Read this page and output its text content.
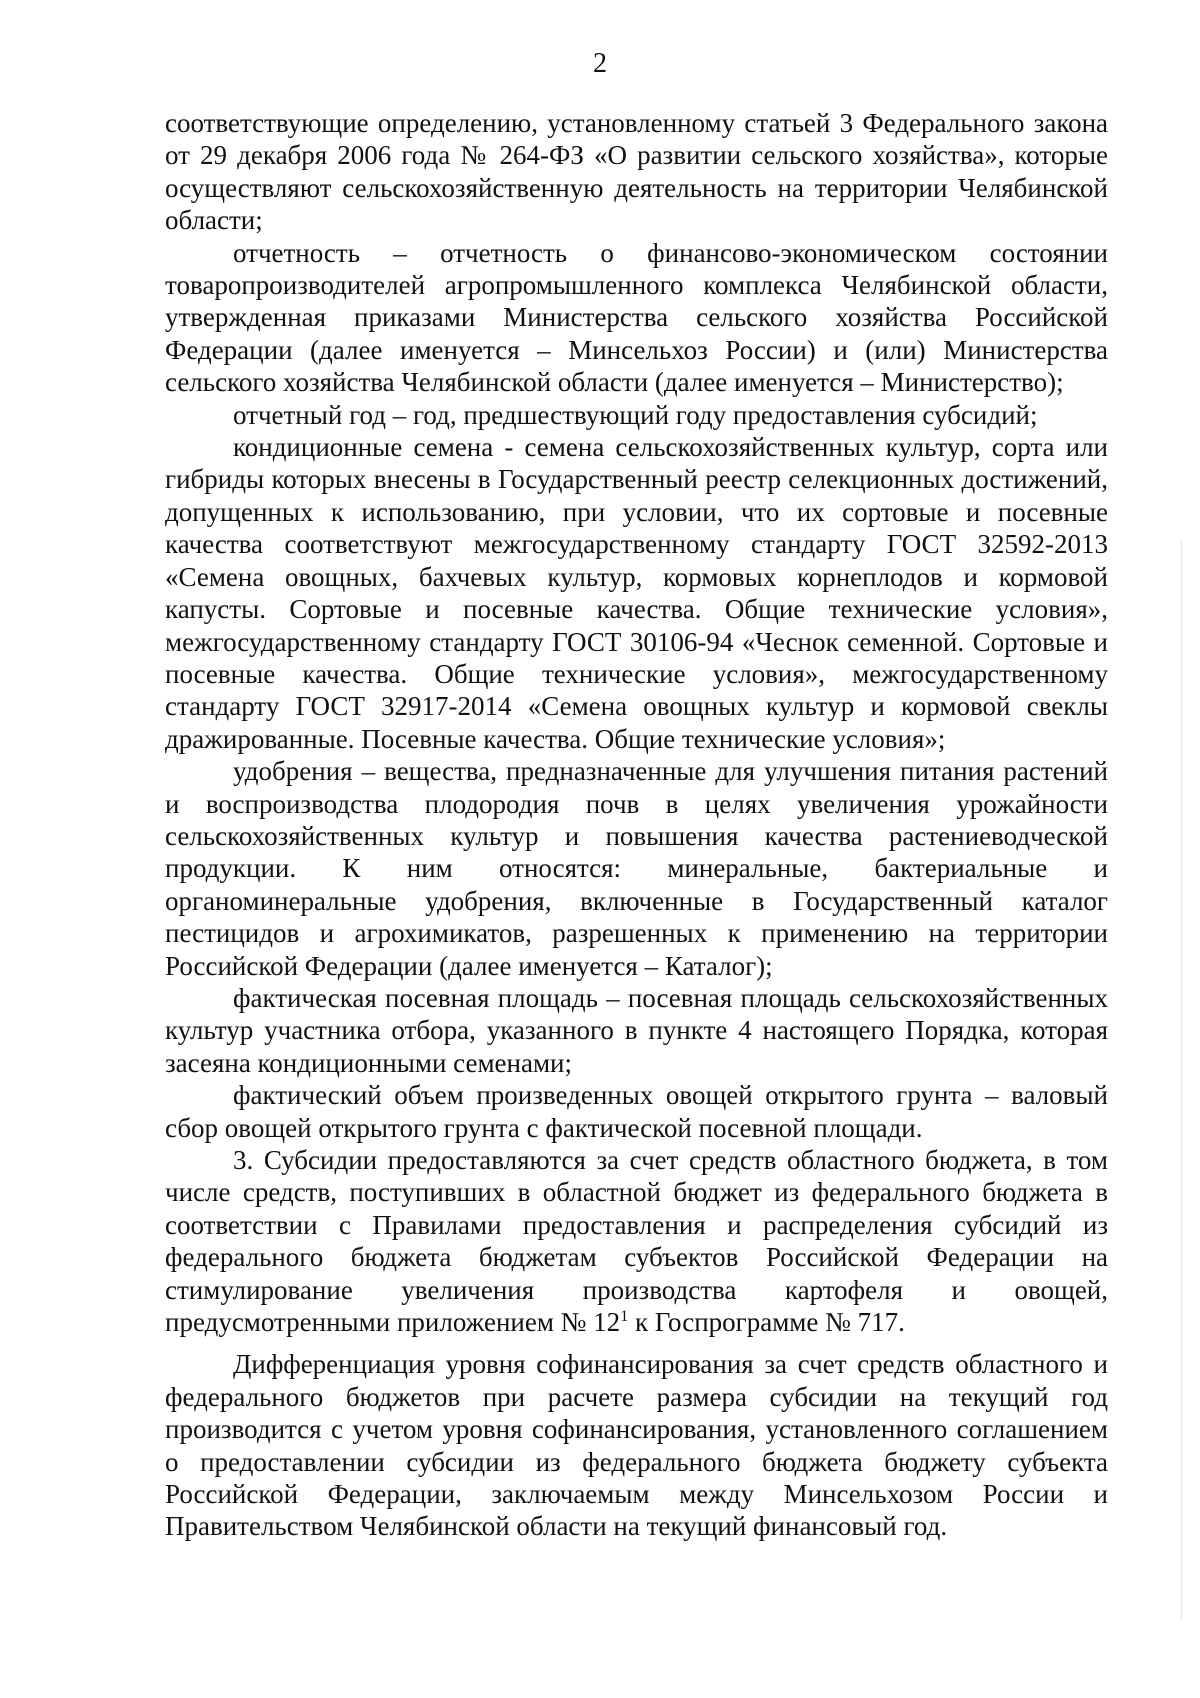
2

соответствующие определению, установленному статьей 3 Федерального закона от 29 декабря 2006 года № 264-ФЗ «О развитии сельского хозяйства», которые осуществляют сельскохозяйственную деятельность на территории Челябинской области;

отчетность – отчетность о финансово-экономическом состоянии товаропроизводителей агропромышленного комплекса Челябинской области, утвержденная приказами Министерства сельского хозяйства Российской Федерации (далее именуется – Минсельхоз России) и (или) Министерства сельского хозяйства Челябинской области (далее именуется – Министерство);

отчетный год – год, предшествующий году предоставления субсидий;

кондиционные семена - семена сельскохозяйственных культур, сорта или гибриды которых внесены в Государственный реестр селекционных достижений, допущенных к использованию, при условии, что их сортовые и посевные качества соответствуют межгосударственному стандарту ГОСТ 32592-2013 «Семена овощных, бахчевых культур, кормовых корнеплодов и кормовой капусты. Сортовые и посевные качества. Общие технические условия», межгосударственному стандарту ГОСТ 30106-94 «Чеснок семенной. Сортовые и посевные качества. Общие технические условия», межгосударственному стандарту ГОСТ 32917-2014 «Семена овощных культур и кормовой свеклы дражированные. Посевные качества. Общие технические условия»;

удобрения – вещества, предназначенные для улучшения питания растений и воспроизводства плодородия почв в целях увеличения урожайности сельскохозяйственных культур и повышения качества растениеводческой продукции. К ним относятся: минеральные, бактериальные и органоминеральные удобрения, включенные в Государственный каталог пестицидов и агрохимикатов, разрешенных к применению на территории Российской Федерации (далее именуется – Каталог);

фактическая посевная площадь – посевная площадь сельскохозяйственных культур участника отбора, указанного в пункте 4 настоящего Порядка, которая засеяна кондиционными семенами;

фактический объем произведенных овощей открытого грунта – валовый сбор овощей открытого грунта с фактической посевной площади.

3. Субсидии предоставляются за счет средств областного бюджета, в том числе средств, поступивших в областной бюджет из федерального бюджета в соответствии с Правилами предоставления и распределения субсидий из федерального бюджета бюджетам субъектов Российской Федерации на стимулирование увеличения производства картофеля и овощей, предусмотренными приложением № $12^1$ к Госпрограмме № 717.

Дифференциация уровня софинансирования за счет средств областного и федерального бюджетов при расчете размера субсидии на текущий год производится с учетом уровня софинансирования, установленного соглашением о предоставлении субсидии из федерального бюджета бюджету субъекта Российской Федерации, заключаемым между Минсельхозом России и Правительством Челябинской области на текущий финансовый год.
